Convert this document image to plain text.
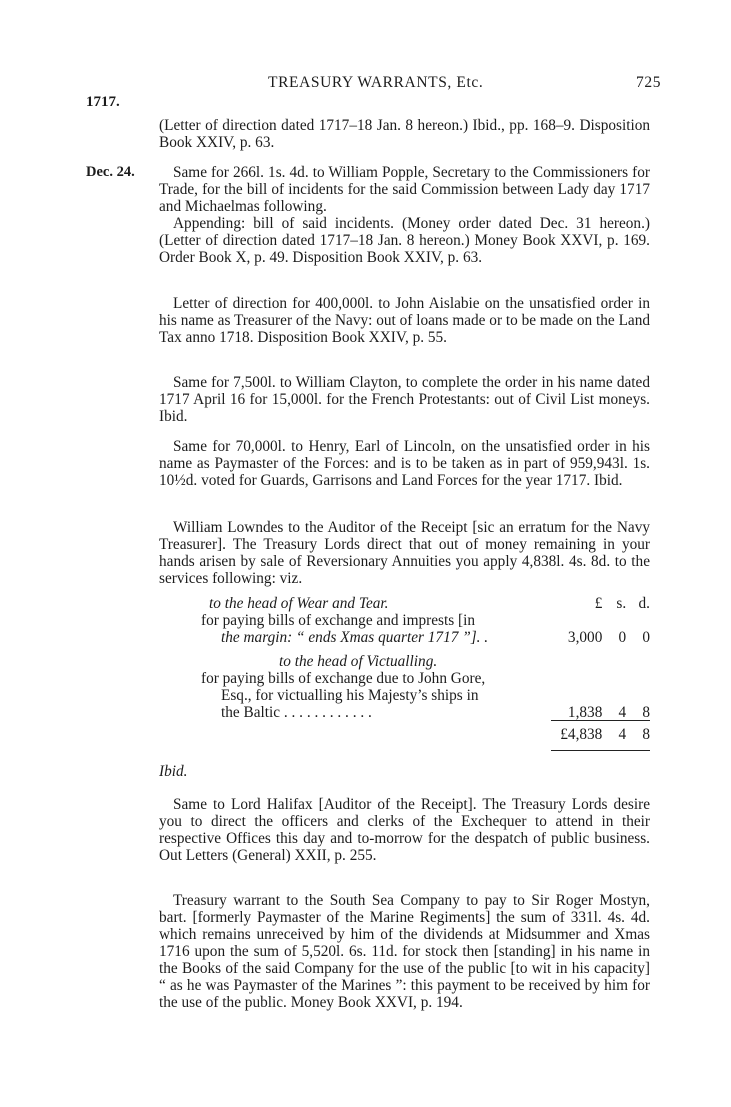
TREASURY WARRANTS, Etc.	725
1717.

(Letter of direction dated 1717–18 Jan. 8 hereon.) Ibid., pp. 168–9. Disposition Book XXIV, p. 63.

Dec. 24.	Same for 266l. 1s. 4d. to William Popple, Secretary to the Commissioners for Trade, for the bill of incidents for the said Commission between Lady day 1717 and Michaelmas following.

Appending: bill of said incidents. (Money order dated Dec. 31 hereon.) (Letter of direction dated 1717–18 Jan. 8 hereon.) Money Book XXVI, p. 169. Order Book X, p. 49. Disposition Book XXIV, p. 63.

Letter of direction for 400,000l. to John Aislabie on the unsatisfied order in his name as Treasurer of the Navy: out of loans made or to be made on the Land Tax anno 1718. Disposition Book XXIV, p. 55.

Same for 7,500l. to William Clayton, to complete the order in his name dated 1717 April 16 for 15,000l. for the French Protestants: out of Civil List moneys. Ibid.

Same for 70,000l. to Henry, Earl of Lincoln, on the unsatisfied order in his name as Paymaster of the Forces: and is to be taken as in part of 959,943l. 1s. 10½d. voted for Guards, Garrisons and Land Forces for the year 1717. Ibid.

William Lowndes to the Auditor of the Receipt [sic an erratum for the Navy Treasurer]. The Treasury Lords direct that out of money remaining in your hands arisen by sale of Reversionary Annuities you apply 4,838l. 4s. 8d. to the services following: viz.

to the head of Wear and Tear.	£ s. d.
for paying bills of exchange and imprests [in
the margin: “ ends Xmas quarter 1717 ”]. .	3,000 0 0
to the head of Victualling.
for paying bills of exchange due to John Gore,
Esq., for victualling his Majesty’s ships in
the Baltic . . . . . . . . . . . .	1,838 4 8
£4,838 4 8
Ibid.

Same to Lord Halifax [Auditor of the Receipt]. The Treasury Lords desire you to direct the officers and clerks of the Exchequer to attend in their respective Offices this day and to-morrow for the despatch of public business. Out Letters (General) XXII, p. 255.

Treasury warrant to the South Sea Company to pay to Sir Roger Mostyn, bart. [formerly Paymaster of the Marine Regiments] the sum of 331l. 4s. 4d. which remains unreceived by him of the dividends at Midsummer and Xmas 1716 upon the sum of 5,520l. 6s. 11d. for stock then [standing] in his name in the Books of the said Company for the use of the public [to wit in his capacity] “ as he was Paymaster of the Marines ”: this payment to be received by him for the use of the public. Money Book XXVI, p. 194.
